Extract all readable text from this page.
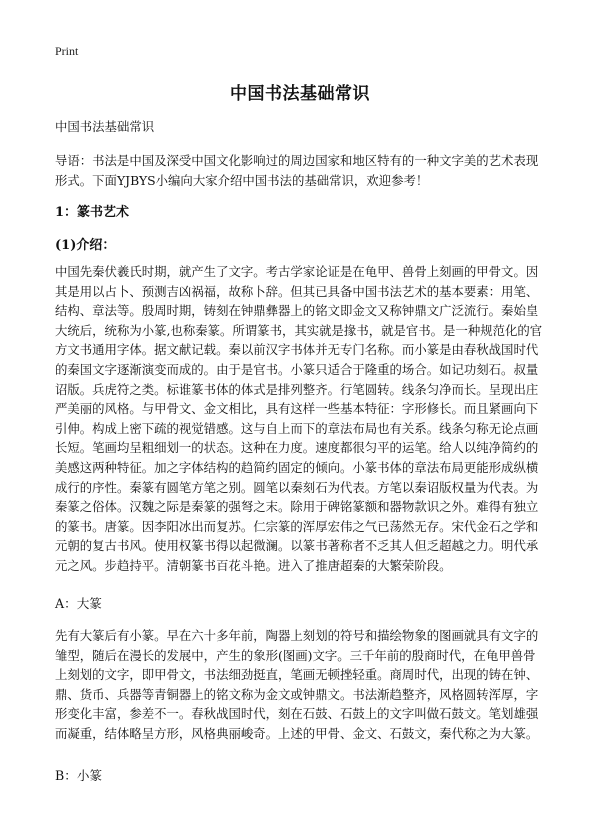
Print
中国书法基础常识
中国书法基础常识
导语：书法是中国及深受中国文化影响过的周边国家和地区特有的一种文字美的艺术表现形式。下面YJBYS小编向大家介绍中国书法的基础常识，欢迎参考！
1：篆书艺术
(1)介绍：
中国先秦伏羲氏时期，就产生了文字。考古学家论证是在龟甲、兽骨上刻画的甲骨文。因其是用以占卜、预测吉凶祸福，故称卜辞。但其已具备中国书法艺术的基本要素：用笔、结构、章法等。殷周时期，铸刻在钟鼎彝器上的铭文即金文又称钟鼎文广泛流行。秦始皇大统后，统称为小篆,也称秦篆。所谓篆书，其实就是掾书，就是官书。是一种规范化的官方文书通用字体。据文献记载。秦以前汉字书体并无专门名称。而小篆是由春秋战国时代的秦国文字逐渐演变而成的。由于是官书。小篆只适合于隆重的场合。如记功刻石。叔量诏版。兵虎符之类。标谁篆书体的体式是排列整齐。行笔圆转。线条匀净而长。呈现出庄严美丽的风格。与甲骨文、金文相比，具有这样一些基本特征：字形修长。而且紧画向下引伸。构成上密下疏的视觉错感。这与自上而下的章法布局也有关系。线条匀称无论点画长短。笔画均呈粗细划一的状态。这种在力度。速度都很匀平的运笔。给人以纯净简约的美感这两种特征。加之字体结构的趋简约固定的倾向。小篆书体的章法布局更能形成纵横成行的序性。秦篆有圆笔方笔之别。圆笔以秦刻石为代表。方笔以秦诏版权量为代表。为秦篆之俗体。汉魏之际是秦篆的强弩之末。除用于碑铭篆额和器物款识之外。难得有独立的篆书。唐篆。因李阳冰出而复苏。仁宗篆的浑厚宏伟之气已荡然无存。宋代金石之学和元朝的复古书风。使用权篆书得以起微澜。以篆书著称者不乏其人但乏超越之力。明代承元之风。步趋持平。清朝篆书百花斗艳。进入了推唐超秦的大繁荣阶段。
A：大篆
先有大篆后有小篆。早在六十多年前，陶器上刻划的符号和描绘物象的图画就具有文字的雏型，随后在漫长的发展中，产生的象形(图画)文字。三千年前的殷商时代，在龟甲兽骨上刻划的文字，即甲骨文，书法细劲挺直，笔画无顿挫轻重。商周时代，出现的铸在钟、鼎、货币、兵器等青铜器上的铭文称为金文或钟鼎文。书法渐趋整齐，风格圆转浑厚，字形变化丰富，参差不一。春秋战国时代，刻在石鼓、石鼓上的文字叫做石鼓文。笔划雄强而凝重，结体略呈方形，风格典丽峻奇。上述的甲骨、金文、石鼓文，秦代称之为大篆。
B：小篆
